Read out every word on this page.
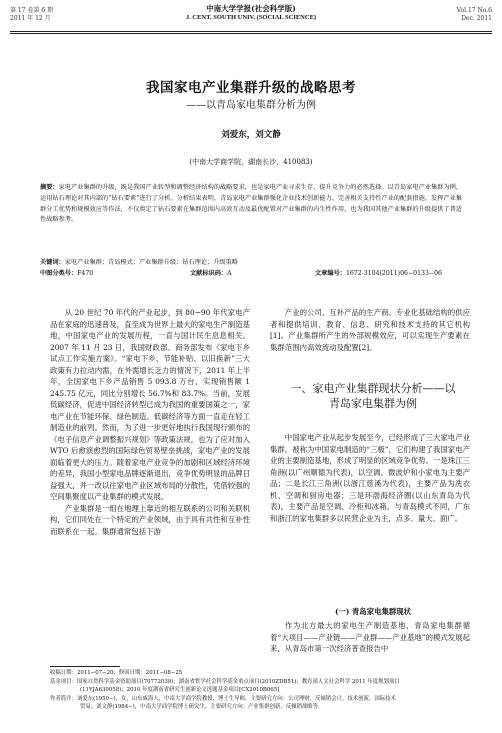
第 17 卷第 6 期
2011 年 12 月
中南大学学报(社会科学版)
J. CENT. SOUTH UNIV. (SOCIAL SCIENCE)
Vol.17 No.6
Dec. 2011
我国家电产业集群升级的战略思考
——以青岛家电集群分析为例
刘爱东，刘文静
(中南大学商学院，湖南长沙，410083)
摘要：家电产业集群的升级，既是我国产业转型和调整经济结构的战略要求，也是家电产业寻求生存、提升竞争力的必然选择。以青岛家电产业集群为例，运用钻石理论对其内部的“钻石要素”进行了分析。分析结果表明，青岛家电产业集群强化企业技术创新能力、完善相关支持性产业的配套措施、发挥产业集群分工优势和规模效应等作法，不仅奠定了钻石要素在集群范围内高效互动及最优配置对产业集群的内生性作用，也为我国其他产业集群的升级提供了普适性战略参考。
关键词：家电产业集群；青岛模式；产业集群升级；钻石理论；升级策略
中图分类号：F470	文献标识码：A	文章编号：1672-3104(2011)06−0133−06

从 20 世纪 70 年代的产业起步，到 80−90 年代家电产品在家庭的迅速普及，直至成为世界上最大的家电生产制造基地，中国家电产业的发展历程，一直与国计民生息息相关。2007 年 11 月 23 日，我国财政部、商务部发布《家电下乡试点工作实施方案》。“家电下乡、节能补贴、以旧换新”三大政策有力拉动内需，在外需增长乏力的情况下，2011 年上半年，全国家电下乡产品销售 5 093.8 万台，实现销售额 1 245.75 亿元，同比分别增长 56.7%和 83.7%。当前，发展低碳经济，促进中国经济转型已成为我国的重要国策之一，家电产业在节能环保、绿色制造、低碳经济等方面一直走在轻工制造业的前列。然而，为了进一步更好地执行我国现行颁布的《电子信息产业调整振兴规划》等政策法规，也为了应对加入 WTO 后愈演愈烈的国际绿色贸易壁垒挑战，家电产业的发展面临着更大的压力。随着家电产业竞争的加剧和区域经济环境的差异，我国小型家电品牌逐渐退出，竞争优势明显的品牌日益强大，并一改以往家电产业区域布局的分散性，凭借较强的空间集聚度以产业集群的模式发展。

产业集群是一组在地理上靠近的相互联系的公司和关联机构，它们同处在一个特定的产业领域，由于具有共性和互补性而联系在一起。集群通常包括下游

产业的公司、互补产品的生产商、专业化基础结构的供应者和提供培训、教育、信息、研究和技术支持的其它机构[1]。产业集群所产生的外部规模效应，可以实现生产要素在集群范围内高效流动及配置[2]。

一、家电产业集群现状分析——以
青岛家电集群为例

中国家电产业从起步发展至今，已经形成了三大家电产业集群，被称为中国家电制造的“三极”，它们构建了我国家电产业的主要制造基地，形成了明显的区域竞争优势。一是珠江三角洲(以广州顺德为代表)，以空调、微波炉和小家电为主要产品；二是长江三角洲(以浙江慈溪为代表)，主要产品为洗衣机、空调和厨房电器；三是环渤海经济圈(以山东青岛为代表)，主要产品是空调、冷柜和冰箱。与青岛模式不同，广东和浙江的家电集群多以民营企业为主，点多、量大、面广。

(一) 青岛家电集群现状

作为北方最大的家电生产制造基地，青岛家电集群循着“大项目——产业链——产业群——产业基地”的模式发展起来，从青岛市第一次经济普查报告中

收稿日期：2011−07−20；修回日期：2011−08−25
基金项目：国家自然科学基金资助项目(70772039)；湖南省哲学社会科学基金重点项目(2010ZDB51)；教育部人文社会科学 2011 年度规划项目
(11YJA630058)；2010 年度湖南省研究生创新论文选题基金项目[CX2010B065]
作者简介：刘爱东(1950−)，女，山东威海人，中南大学商学院教授，博士生导师，主要研究方向：公司理财，反倾销会计，技术创新，国际技术
贸易；刘文静(1984−)，中南大学商学院博士研究生，主要研究方向：产业集群创新，反倾销战略等.
